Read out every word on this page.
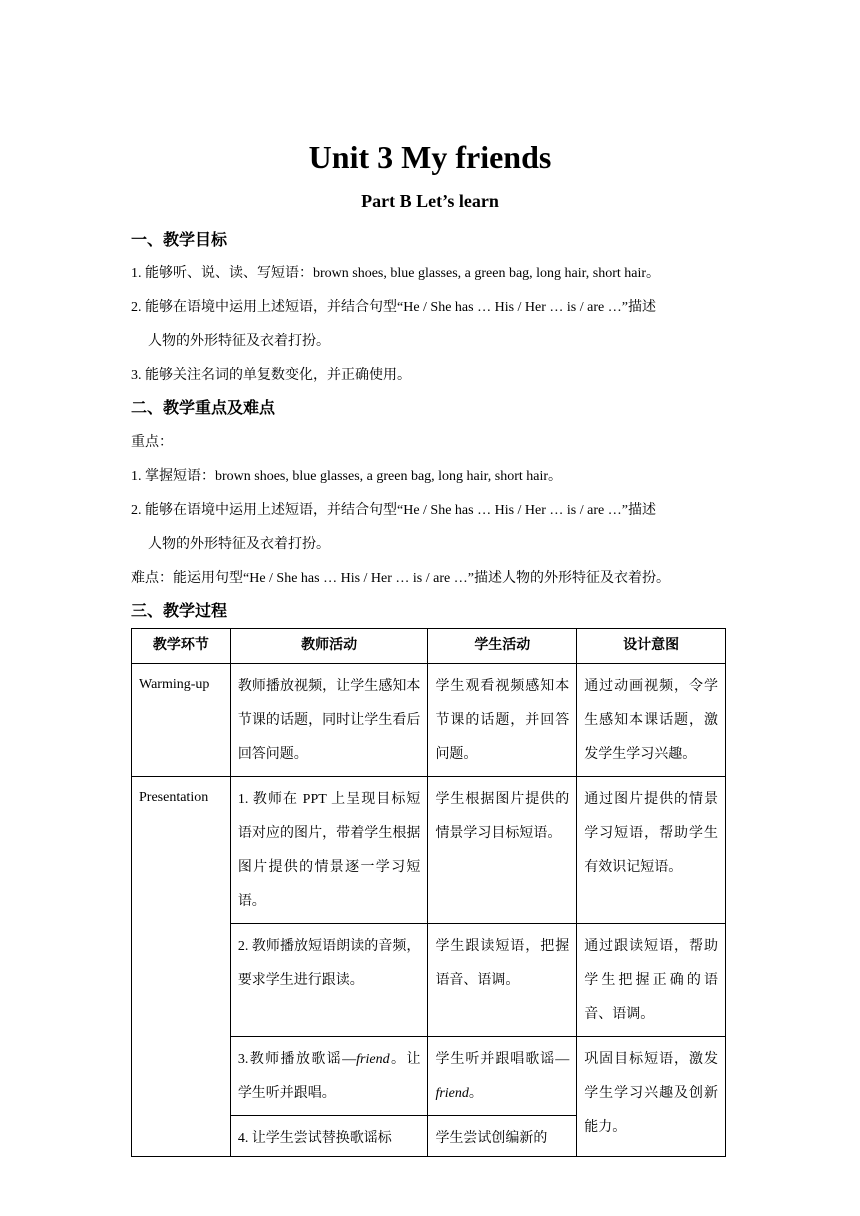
Unit 3 My friends
Part B Let’s learn
一、教学目标
1. 能够听、说、读、写短语：brown shoes, blue glasses, a green bag, long hair, short hair。
2. 能够在语境中运用上述短语，并结合句型“He / She has … His / Her … is / are …”描述
人物的外形特征及衣着打扮。
3. 能够关注名词的单复数变化，并正确使用。
二、教学重点及难点
重点：
1. 掌握短语：brown shoes, blue glasses, a green bag, long hair, short hair。
2. 能够在语境中运用上述短语，并结合句型“He / She has … His / Her … is / are …”描述
人物的外形特征及衣着打扮。
难点：能运用句型“He / She has … His / Her … is / are …”描述人物的外形特征及衣着扮。
三、教学过程
教学环节	教师活动	学生活动	设计意图
Warming-up	教师播放视频，让学生感知本节课的话题，同时让学生看后回答问题。	学生观看视频感知本节课的话题，并回答问题。	通过动画视频，令学生感知本课话题，激发学生学习兴趣。
Presentation	1. 教师在 PPT 上呈现目标短语对应的图片，带着学生根据图片提供的情景逐一学习短语。	学生根据图片提供的情景学习目标短语。	通过图片提供的情景学习短语，帮助学生有效识记短语。
	2. 教师播放短语朗读的音频，要求学生进行跟读。	学生跟读短语，把握语音、语调。	通过跟读短语，帮助学生把握正确的语音、语调。
	3.教师播放歌谣—friend。让学生听并跟唱。	学生听并跟唱歌谣—friend。	巩固目标短语，激发学生学习兴趣及创新能力。
	4. 让学生尝试替换歌谣标	学生尝试创编新的	
